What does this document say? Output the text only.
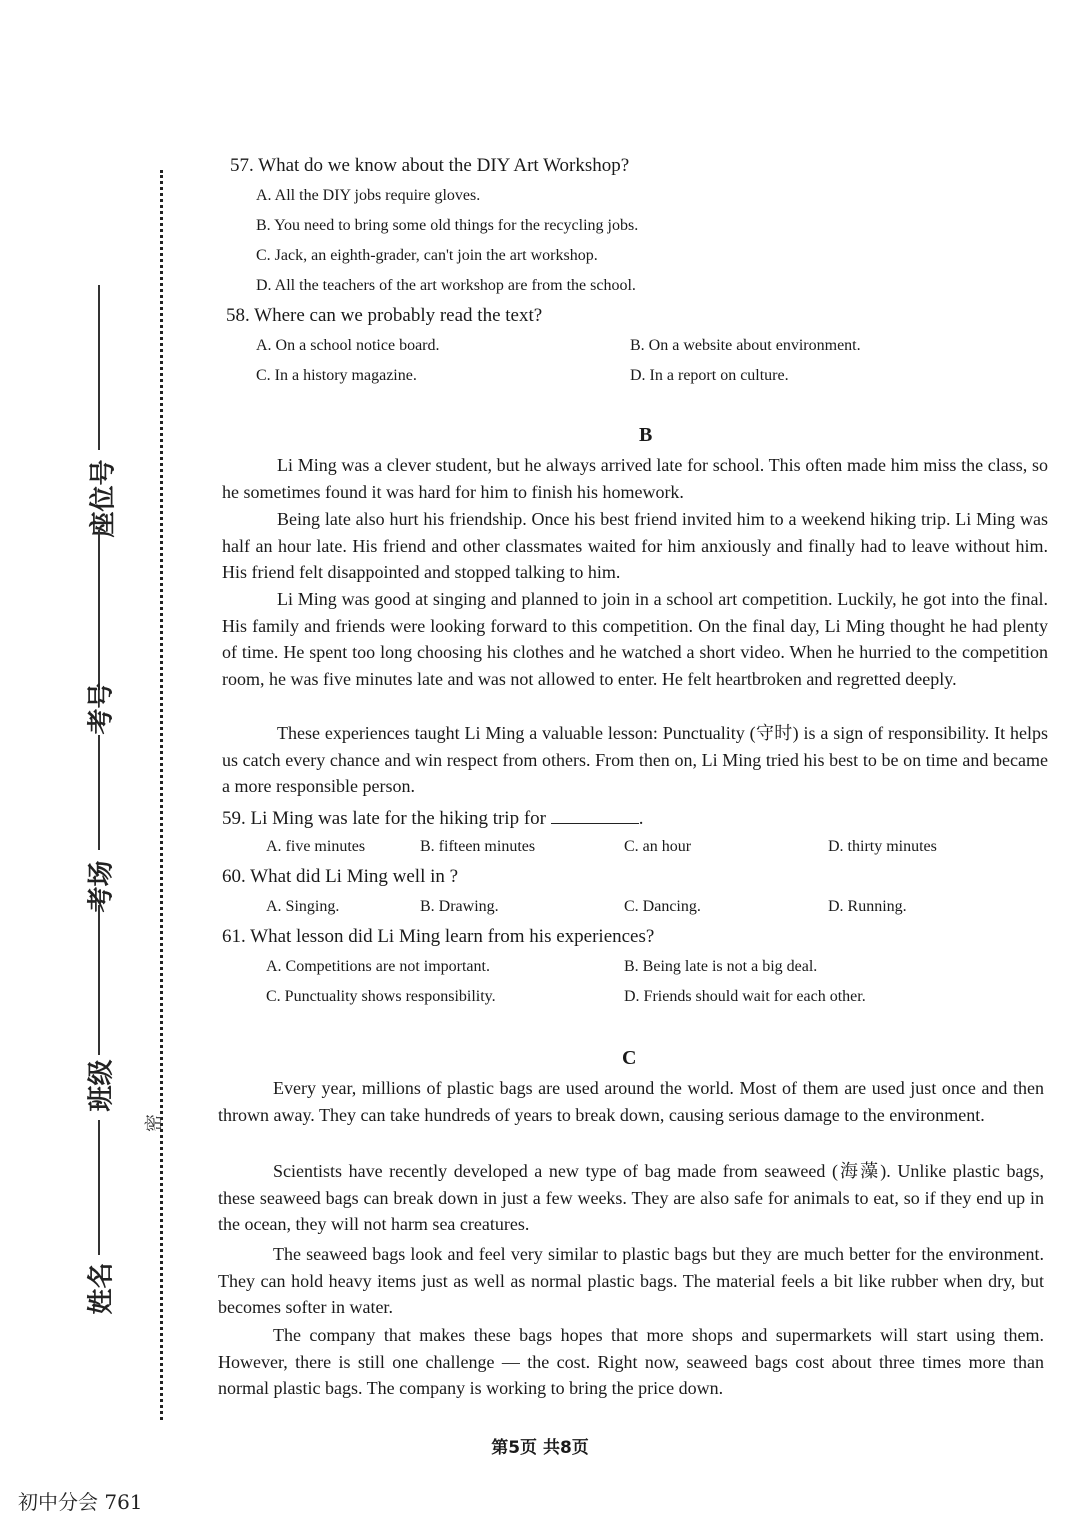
座位号
考号
考场
班级
姓名
密
57. What do we know about the DIY Art Workshop?
A. All the DIY jobs require gloves.
B. You need to bring some old things for the recycling jobs.
C. Jack, an eighth-grader, can't join the art workshop.
D. All the teachers of the art workshop are from the school.
58. Where can we probably read the text?
A. On a school notice board.	B. On a website about environment.
C. In a history magazine.	D. In a report on culture.
B
Li Ming was a clever student, but he always arrived late for school. This often made him miss the class, so he sometimes found it was hard for him to finish his homework.
Being late also hurt his friendship. Once his best friend invited him to a weekend hiking trip. Li Ming was half an hour late. His friend and other classmates waited for him anxiously and finally had to leave without him. His friend felt disappointed and stopped talking to him.
Li Ming was good at singing and planned to join in a school art competition. Luckily, he got into the final. His family and friends were looking forward to this competition. On the final day, Li Ming thought he had plenty of time. He spent too long choosing his clothes and he watched a short video. When he hurried to the competition room, he was five minutes late and was not allowed to enter. He felt heartbroken and regretted deeply.
These experiences taught Li Ming a valuable lesson: Punctuality (守时) is a sign of responsibility. It helps us catch every chance and win respect from others. From then on, Li Ming tried his best to be on time and became a more responsible person.
59. Li Ming was late for the hiking trip for	.
A. five minutes	B. fifteen minutes	C. an hour	D. thirty minutes
60. What did Li Ming well in ?
A. Singing.	B. Drawing.	C. Dancing.	D. Running.
61. What lesson did Li Ming learn from his experiences?
A. Competitions are not important.	B. Being late is not a big deal.
C. Punctuality shows responsibility.	D. Friends should wait for each other.
C
Every year, millions of plastic bags are used around the world. Most of them are used just once and then thrown away. They can take hundreds of years to break down, causing serious damage to the environment.
Scientists have recently developed a new type of bag made from seaweed (海藻). Unlike plastic bags, these seaweed bags can break down in just a few weeks. They are also safe for animals to eat, so if they end up in the ocean, they will not harm sea creatures.
The seaweed bags look and feel very similar to plastic bags but they are much better for the environment. They can hold heavy items just as well as normal plastic bags. The material feels a bit like rubber when dry, but becomes softer in water.
The company that makes these bags hopes that more shops and supermarkets will start using them. However, there is still one challenge — the cost. Right now, seaweed bags cost about three times more than normal plastic bags. The company is working to bring the price down.
第5页 共8页
初中分会 761
